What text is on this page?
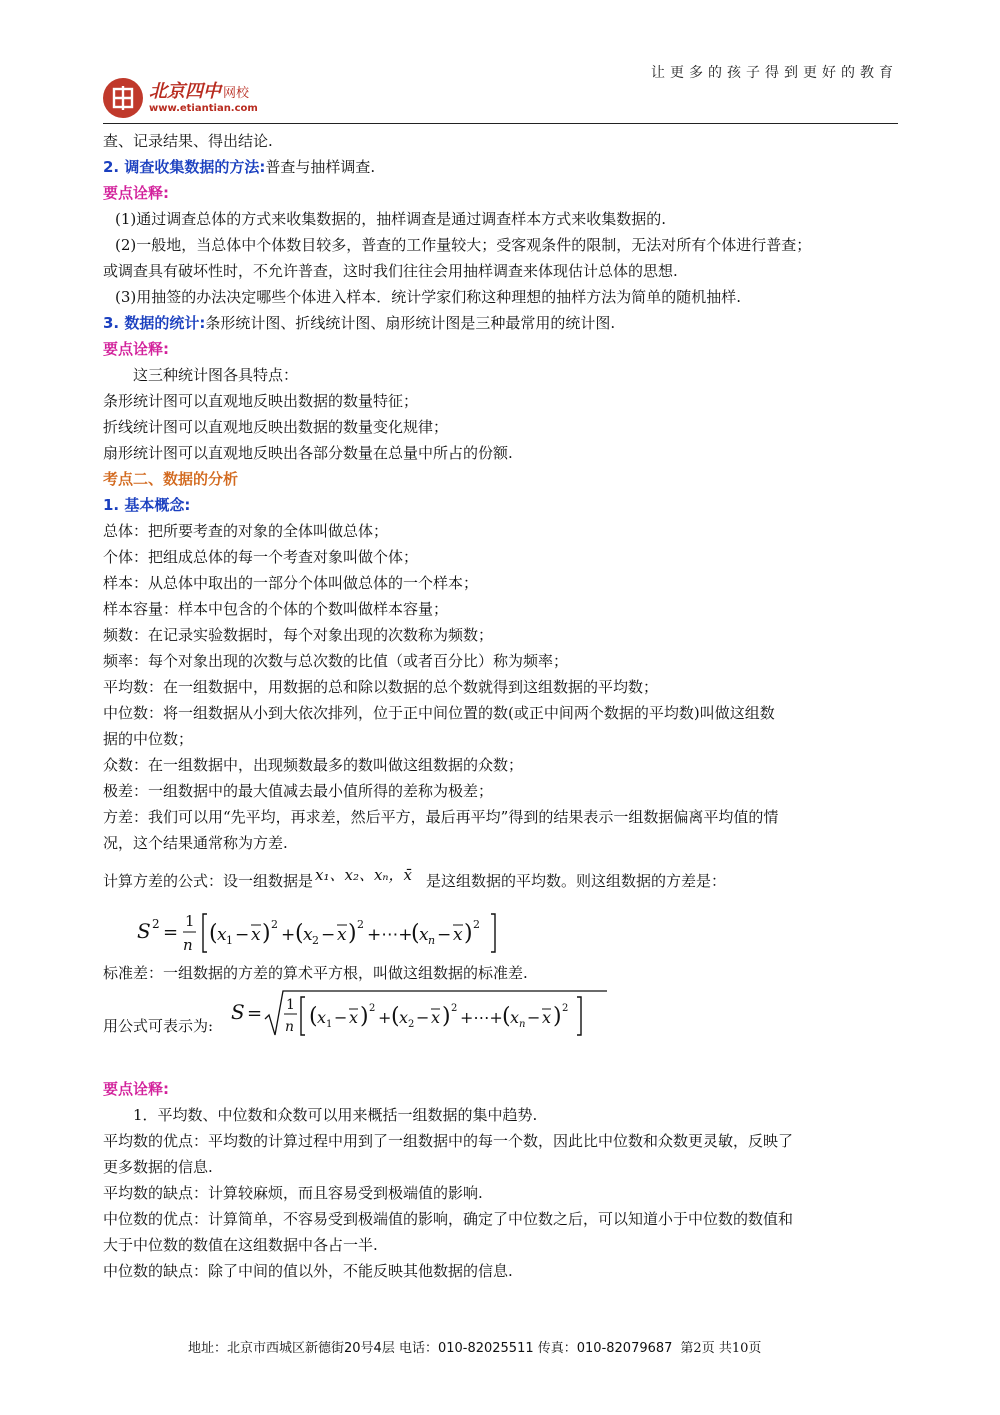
让更多的孩子得到更好的教育
北京四中 网校
www.etiantian.com
查、记录结果、得出结论.
2. 调查收集数据的方法:普查与抽样调查.
要点诠释:
(1)通过调查总体的方式来收集数据的，抽样调查是通过调查样本方式来收集数据的.
(2)一般地，当总体中个体数目较多，普查的工作量较大；受客观条件的限制，无法对所有个体进行普查；
或调查具有破坏性时，不允许普查，这时我们往往会用抽样调查来体现估计总体的思想.
(3)用抽签的办法决定哪些个体进入样本．统计学家们称这种理想的抽样方法为简单的随机抽样.
3. 数据的统计:条形统计图、折线统计图、扇形统计图是三种最常用的统计图.
要点诠释:
这三种统计图各具特点：
条形统计图可以直观地反映出数据的数量特征；
折线统计图可以直观地反映出数据的数量变化规律；
扇形统计图可以直观地反映出各部分数量在总量中所占的份额.
考点二、数据的分析
1. 基本概念:
总体：把所要考查的对象的全体叫做总体；
个体：把组成总体的每一个考查对象叫做个体；
样本：从总体中取出的一部分个体叫做总体的一个样本；
样本容量：样本中包含的个体的个数叫做样本容量；
频数：在记录实验数据时，每个对象出现的次数称为频数；
频率：每个对象出现的次数与总次数的比值（或者百分比）称为频率；
平均数：在一组数据中，用数据的总和除以数据的总个数就得到这组数据的平均数；
中位数：将一组数据从小到大依次排列，位于正中间位置的数(或正中间两个数据的平均数)叫做这组数
据的中位数；
众数：在一组数据中，出现频数最多的数叫做这组数据的众数；
极差：一组数据中的最大值减去最小值所得的差称为极差；
方差：我们可以用“先平均，再求差，然后平方，最后再平均”得到的结果表示一组数据偏离平均值的情
况，这个结果通常称为方差.
计算方差的公式：设一组数据是 x₁、x₂、xₙ，x̄ 是这组数据的平均数。则这组数据的方差是：
S 2 =
1
n ( x 1 − x ) 2
+ ( x 2 − x ) 2
+⋯+
( x n − x ) 2
标准差：一组数据的方差的算术平方根，叫做这组数据的标准差.
用公式可表示为:
S = 1
n ( x 1 − x ) 2 + ( x 2 − x ) 2 +⋯+ ( x n − x ) 2
要点诠释:
1．平均数、中位数和众数可以用来概括一组数据的集中趋势.
平均数的优点：平均数的计算过程中用到了一组数据中的每一个数，因此比中位数和众数更灵敏，反映了
更多数据的信息.
平均数的缺点：计算较麻烦，而且容易受到极端值的影响.
中位数的优点：计算简单，不容易受到极端值的影响，确定了中位数之后，可以知道小于中位数的数值和
大于中位数的数值在这组数据中各占一半.
中位数的缺点：除了中间的值以外，不能反映其他数据的信息.
地址：北京市西城区新德街20号4层 电话：010-82025511 传真：010-82079687 第2页 共10页
